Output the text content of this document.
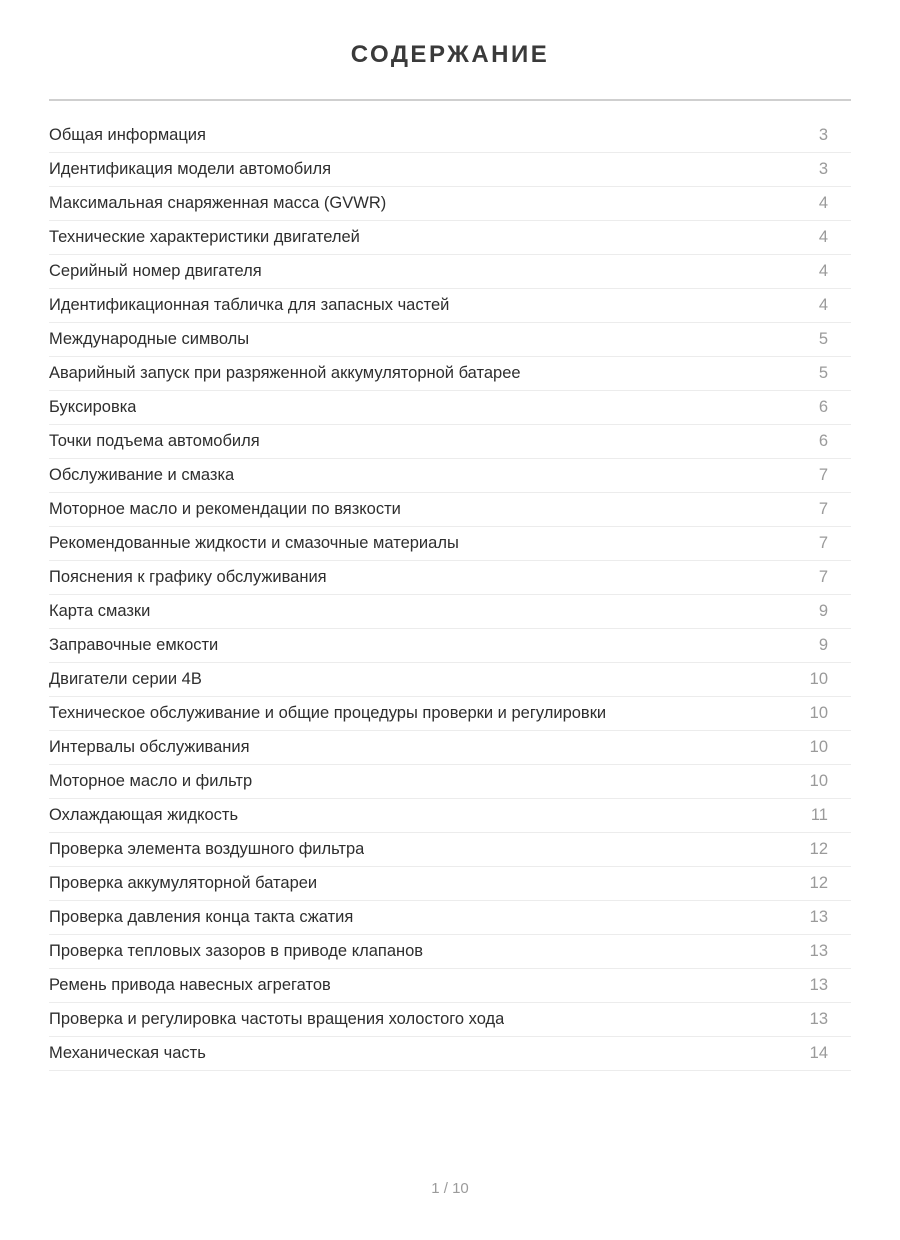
СОДЕРЖАНИЕ
Общая информация	3
Идентификация модели автомобиля	3
Максимальная снаряженная масса (GVWR)	4
Технические характеристики двигателей	4
Серийный номер двигателя	4
Идентификационная табличка для запасных частей	4
Международные символы	5
Аварийный запуск при разряженной аккумуляторной батарее	5
Буксировка	6
Точки подъема автомобиля	6
Обслуживание и смазка	7
Моторное масло и рекомендации по вязкости	7
Рекомендованные жидкости и смазочные материалы	7
Пояснения к графику обслуживания	7
Карта смазки	9
Заправочные емкости	9
Двигатели серии 4B	10
Техническое обслуживание и общие процедуры проверки и регулировки	10
Интервалы обслуживания	10
Моторное масло и фильтр	10
Охлаждающая жидкость	11
Проверка элемента воздушного фильтра	12
Проверка аккумуляторной батареи	12
Проверка давления конца такта сжатия	13
Проверка тепловых зазоров в приводе клапанов	13
Ремень привода навесных агрегатов	13
Проверка и регулировка частоты вращения холостого хода	13
Механическая часть	14
1 / 10
